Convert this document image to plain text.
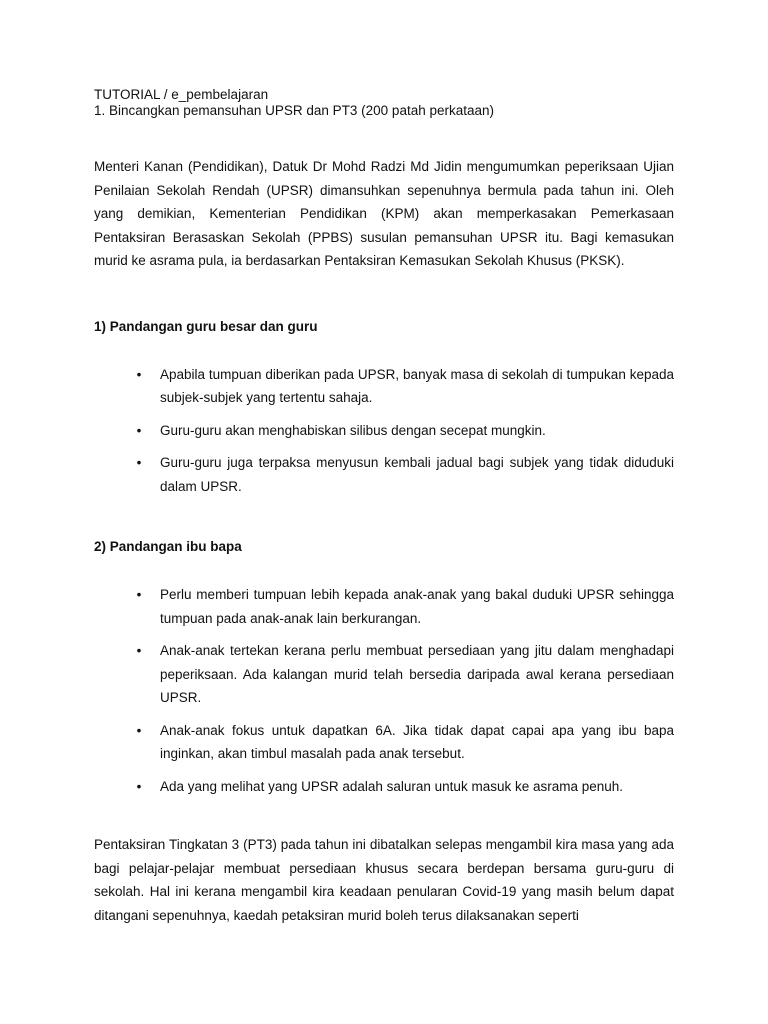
TUTORIAL / e_pembelajaran

1. Bincangkan pemansuhan UPSR dan PT3 (200 patah perkataan)

Menteri Kanan (Pendidikan), Datuk Dr Mohd Radzi Md Jidin mengumumkan peperiksaan Ujian Penilaian Sekolah Rendah (UPSR) dimansuhkan sepenuhnya bermula pada tahun ini. Oleh yang demikian, Kementerian Pendidikan (KPM) akan memperkasakan Pemerkasaan Pentaksiran Berasaskan Sekolah (PPBS) susulan pemansuhan UPSR itu. Bagi kemasukan murid ke asrama pula, ia berdasarkan Pentaksiran Kemasukan Sekolah Khusus (PKSK).

1) Pandangan guru besar dan guru

• Apabila tumpuan diberikan pada UPSR, banyak masa di sekolah di tumpukan kepada subjek-subjek yang tertentu sahaja.
• Guru-guru akan menghabiskan silibus dengan secepat mungkin.
• Guru-guru juga terpaksa menyusun kembali jadual bagi subjek yang tidak diduduki dalam UPSR.

2) Pandangan ibu bapa

• Perlu memberi tumpuan lebih kepada anak-anak yang bakal duduki UPSR sehingga tumpuan pada anak-anak lain berkurangan.
• Anak-anak tertekan kerana perlu membuat persediaan yang jitu dalam menghadapi peperiksaan. Ada kalangan murid telah bersedia daripada awal kerana persediaan UPSR.
• Anak-anak fokus untuk dapatkan 6A. Jika tidak dapat capai apa yang ibu bapa inginkan, akan timbul masalah pada anak tersebut.
• Ada yang melihat yang UPSR adalah saluran untuk masuk ke asrama penuh.

Pentaksiran Tingkatan 3 (PT3) pada tahun ini dibatalkan selepas mengambil kira masa yang ada bagi pelajar-pelajar membuat persediaan khusus secara berdepan bersama guru-guru di sekolah. Hal ini kerana mengambil kira keadaan penularan Covid-19 yang masih belum dapat ditangani sepenuhnya, kaedah petaksiran murid boleh terus dilaksanakan seperti
